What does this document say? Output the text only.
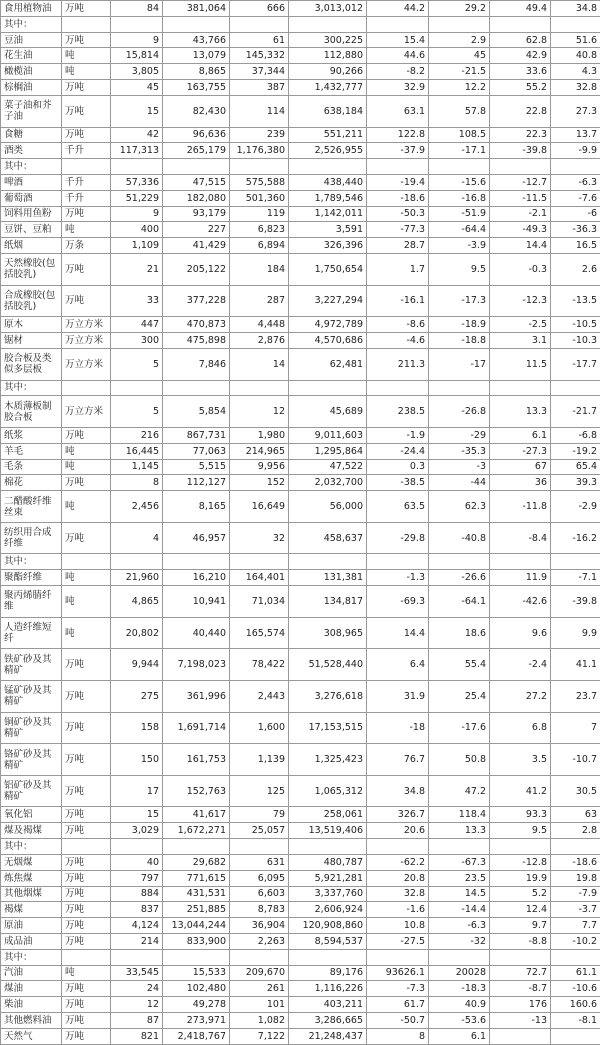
食用植物油	万吨	84	381,064	666	3,013,012	44.2	29.2	49.4	34.8
其中：									
豆油	万吨	9	43,766	61	300,225	15.4	2.9	62.8	51.6
花生油	吨	15,814	13,079	145,332	112,880	44.6	45	42.9	40.8
橄榄油	吨	3,805	8,865	37,344	90,266	-8.2	-21.5	33.6	4.3
棕榈油	万吨	45	163,755	387	1,432,777	32.9	12.2	55.2	32.8
菜子油和芥子油	万吨	15	82,430	114	638,184	63.1	57.8	22.8	27.3
食糖	万吨	42	96,636	239	551,211	122.8	108.5	22.3	13.7
酒类	千升	117,313	265,179	1,176,380	2,526,955	-37.9	-17.1	-39.8	-9.9
其中：									
啤酒	千升	57,336	47,515	575,588	438,440	-19.4	-15.6	-12.7	-6.3
葡萄酒	千升	51,229	182,080	501,360	1,789,546	-18.6	-16.8	-11.5	-7.6
饲料用鱼粉	万吨	9	93,179	119	1,142,011	-50.3	-51.9	-2.1	-6
豆饼、豆粕	吨	400	227	6,823	3,591	-77.3	-64.4	-49.3	-36.3
纸烟	万条	1,109	41,429	6,894	326,396	28.7	-3.9	14.4	16.5
天然橡胶(包括胶乳)	万吨	21	205,122	184	1,750,654	1.7	9.5	-0.3	2.6
合成橡胶(包括胶乳)	万吨	33	377,228	287	3,227,294	-16.1	-17.3	-12.3	-13.5
原木	万立方米	447	470,873	4,448	4,972,789	-8.6	-18.9	-2.5	-10.5
锯材	万立方米	300	475,898	2,876	4,570,686	-4.6	-18.8	3.1	-10.3
胶合板及类似多层板	万立方米	5	7,846	14	62,481	211.3	-17	11.5	-17.7
其中：									
木质薄板制胶合板	万立方米	5	5,854	12	45,689	238.5	-26.8	13.3	-21.7
纸浆	万吨	216	867,731	1,980	9,011,603	-1.9	-29	6.1	-6.8
羊毛	吨	16,445	77,063	214,965	1,295,864	-24.4	-35.3	-27.3	-19.2
毛条	吨	1,145	5,515	9,956	47,522	0.3	-3	67	65.4
棉花	万吨	8	112,127	152	2,032,700	-38.5	-44	36	39.3
二醋酸纤维丝束	吨	2,456	8,165	16,649	56,000	63.5	62.3	-11.8	-2.9
纺织用合成纤维	万吨	4	46,957	32	458,637	-29.8	-40.8	-8.4	-16.2
其中：									
聚酯纤维	吨	21,960	16,210	164,401	131,381	-1.3	-26.6	11.9	-7.1
聚丙烯腈纤维	吨	4,865	10,941	71,034	134,817	-69.3	-64.1	-42.6	-39.8
人造纤维短纤	吨	20,802	40,440	165,574	308,965	14.4	18.6	9.6	9.9
铁矿砂及其精矿	万吨	9,944	7,198,023	78,422	51,528,440	6.4	55.4	-2.4	41.1
锰矿砂及其精矿	万吨	275	361,996	2,443	3,276,618	31.9	25.4	27.2	23.7
铜矿砂及其精矿	万吨	158	1,691,714	1,600	17,153,515	-18	-17.6	6.8	7
铬矿砂及其精矿	万吨	150	161,753	1,139	1,325,423	76.7	50.8	3.5	-10.7
铝矿砂及其精矿	万吨	17	152,763	125	1,065,312	34.8	47.2	41.2	30.5
氧化铝	万吨	15	41,617	79	258,061	326.7	118.4	93.3	63
煤及褐煤	万吨	3,029	1,672,271	25,057	13,519,406	20.6	13.3	9.5	2.8
其中：									
无烟煤	万吨	40	29,682	631	480,787	-62.2	-67.3	-12.8	-18.6
炼焦煤	万吨	797	771,615	6,095	5,921,281	20.8	23.5	19.9	19.8
其他烟煤	万吨	884	431,531	6,603	3,337,760	32.8	14.5	5.2	-7.9
褐煤	万吨	837	251,885	8,783	2,606,924	-1.6	-14.4	12.4	-3.7
原油	万吨	4,124	13,044,244	36,904	120,908,860	10.8	-6.3	9.7	7.7
成品油	万吨	214	833,900	2,263	8,594,537	-27.5	-32	-8.8	-10.2
其中：									
汽油	吨	33,545	15,533	209,670	89,176	93626.1	20028	72.7	61.1
煤油	万吨	24	102,480	261	1,116,226	-7.3	-18.3	-8.7	-10.6
柴油	万吨	12	49,278	101	403,211	61.7	40.9	176	160.6
其他燃料油	万吨	87	273,971	1,082	3,286,665	-50.7	-53.6	-13	-8.1
天然气	万吨	821	2,418,767	7,122	21,248,437	8	6.1		
